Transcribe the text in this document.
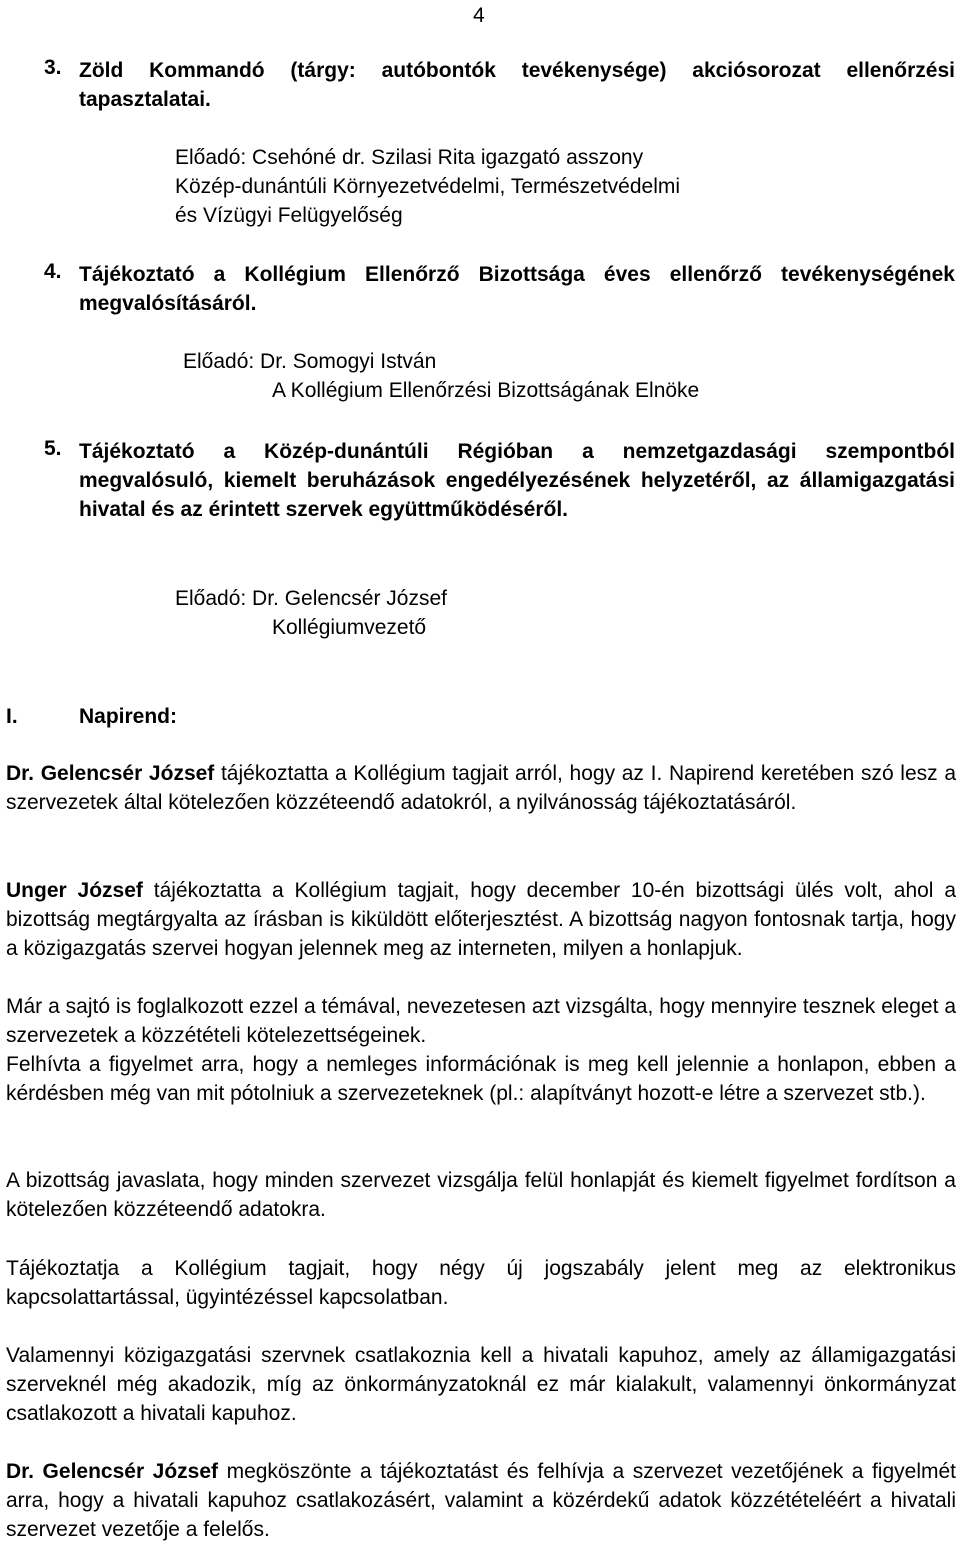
4
3. Zöld Kommandó (tárgy: autóbontók tevékenysége) akciósorozat ellenőrzési tapasztalatai.
Előadó: Csehóné dr. Szilasi Rita igazgató asszony
Közép-dunántúli Környezetvédelmi, Természetvédelmi
és Vízügyi Felügyelőség
4. Tájékoztató a Kollégium Ellenőrző Bizottsága éves ellenőrző tevékenységének megvalósításáról.
Előadó: Dr. Somogyi István
A Kollégium Ellenőrzési Bizottságának Elnöke
5. Tájékoztató a Közép-dunántúli Régióban a nemzetgazdasági szempontból megvalósuló, kiemelt beruházások engedélyezésének helyzetéről, az államigazgatási hivatal és az érintett szervek együttműködéséről.
Előadó: Dr. Gelencsér József
Kollégiumvezető
I.	Napirend:
Dr. Gelencsér József tájékoztatta a Kollégium tagjait arról, hogy az I. Napirend keretében szó lesz a szervezetek által kötelezően közzéteendő adatokról, a nyilvánosság tájékoztatásáról.
Unger József tájékoztatta a Kollégium tagjait, hogy december 10-én bizottsági ülés volt, ahol a bizottság megtárgyalta az írásban is kiküldött előterjesztést. A bizottság nagyon fontosnak tartja, hogy a közigazgatás szervei hogyan jelennek meg az interneten, milyen a honlapjuk.
Már a sajtó is foglalkozott ezzel a témával, nevezetesen azt vizsgálta, hogy mennyire tesznek eleget a szervezetek a közzétételi kötelezettségeinek.
Felhívta a figyelmet arra, hogy a nemleges információnak is meg kell jelennie a honlapon, ebben a kérdésben még van mit pótolniuk a szervezeteknek (pl.: alapítványt hozott-e létre a szervezet stb.).
A bizottság javaslata, hogy minden szervezet vizsgálja felül honlapját és kiemelt figyelmet fordítson a kötelezően közzéteendő adatokra.
Tájékoztatja a Kollégium tagjait, hogy négy új jogszabály jelent meg az elektronikus kapcsolattartással, ügyintézéssel kapcsolatban.
Valamennyi közigazgatási szervnek csatlakoznia kell a hivatali kapuhoz, amely az államigazgatási szerveknél még akadozik, míg az önkormányzatoknál ez már kialakult, valamennyi önkormányzat csatlakozott a hivatali kapuhoz.
Dr. Gelencsér József megköszönte a tájékoztatást és felhívja a szervezet vezetőjének a figyelmét arra, hogy a hivatali kapuhoz csatlakozásért, valamint a közérdekű adatok közzétételéért a hivatali szervezet vezetője a felelős.
